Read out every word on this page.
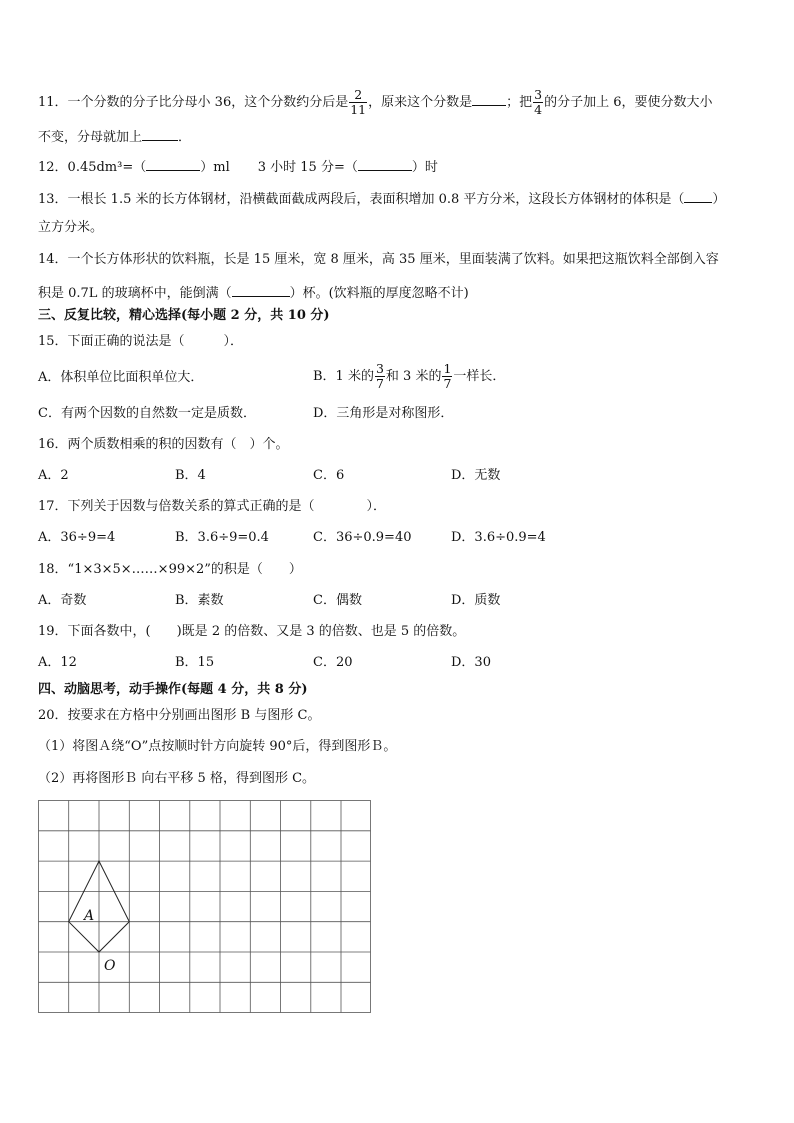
11．一个分数的分子比分母小 36，这个分数约分后是 $\frac{2}{11}$ ，原来这个分数是	；把 $\frac{3}{4}$ 的分子加上 6，要使分数大小
不变，分母就加上	．
12．0.45dm³=（	）ml 3 小时 15 分=（	）时
13．一根长 1.5 米的长方体钢材，沿横截面截成两段后，表面积增加 0.8 平方分米，这段长方体钢材的体积是（ ）
立方分米。
14．一个长方体形状的饮料瓶，长是 15 厘米，宽 8 厘米，高 35 厘米，里面装满了饮料。如果把这瓶饮料全部倒入容
积是 0.7L 的玻璃杯中，能倒满（	）杯。(饮料瓶的厚度忽略不计)
三、反复比较，精心选择(每小题 2 分，共 10 分)
15．下面正确的说法是（　　　）．
A．体积单位比面积单位大．	B．1 米的 $\frac{3}{7}$ 和 3 米的 $\frac{1}{7}$ 一样长．
C．有两个因数的自然数一定是质数．	D．三角形是对称图形．
16．两个质数相乘的积的因数有（　）个。
A．2	B．4	C．6	D．无数
17．下列关于因数与倍数关系的算式正确的是（　　　　）．
A．36÷9=4	B．3.6÷9=0.4	C．36÷0.9=40	D．3.6÷0.9=4
18．“1×3×5×……×99×2”的积是（　　）
A．奇数	B．素数	C．偶数	D．质数
19．下面各数中，(　　)既是 2 的倍数、又是 3 的倍数、也是 5 的倍数。
A．12	B．15	C．20	D．30
四、动脑思考，动手操作(每题 4 分，共 8 分)
20．按要求在方格中分别画出图形 B 与图形 C。
（1）将图Ａ绕“O”点按顺时针方向旋转 90°后，得到图形Ｂ。
（2）再将图形Ｂ 向右平移 5 格，得到图形 C。
A
O
